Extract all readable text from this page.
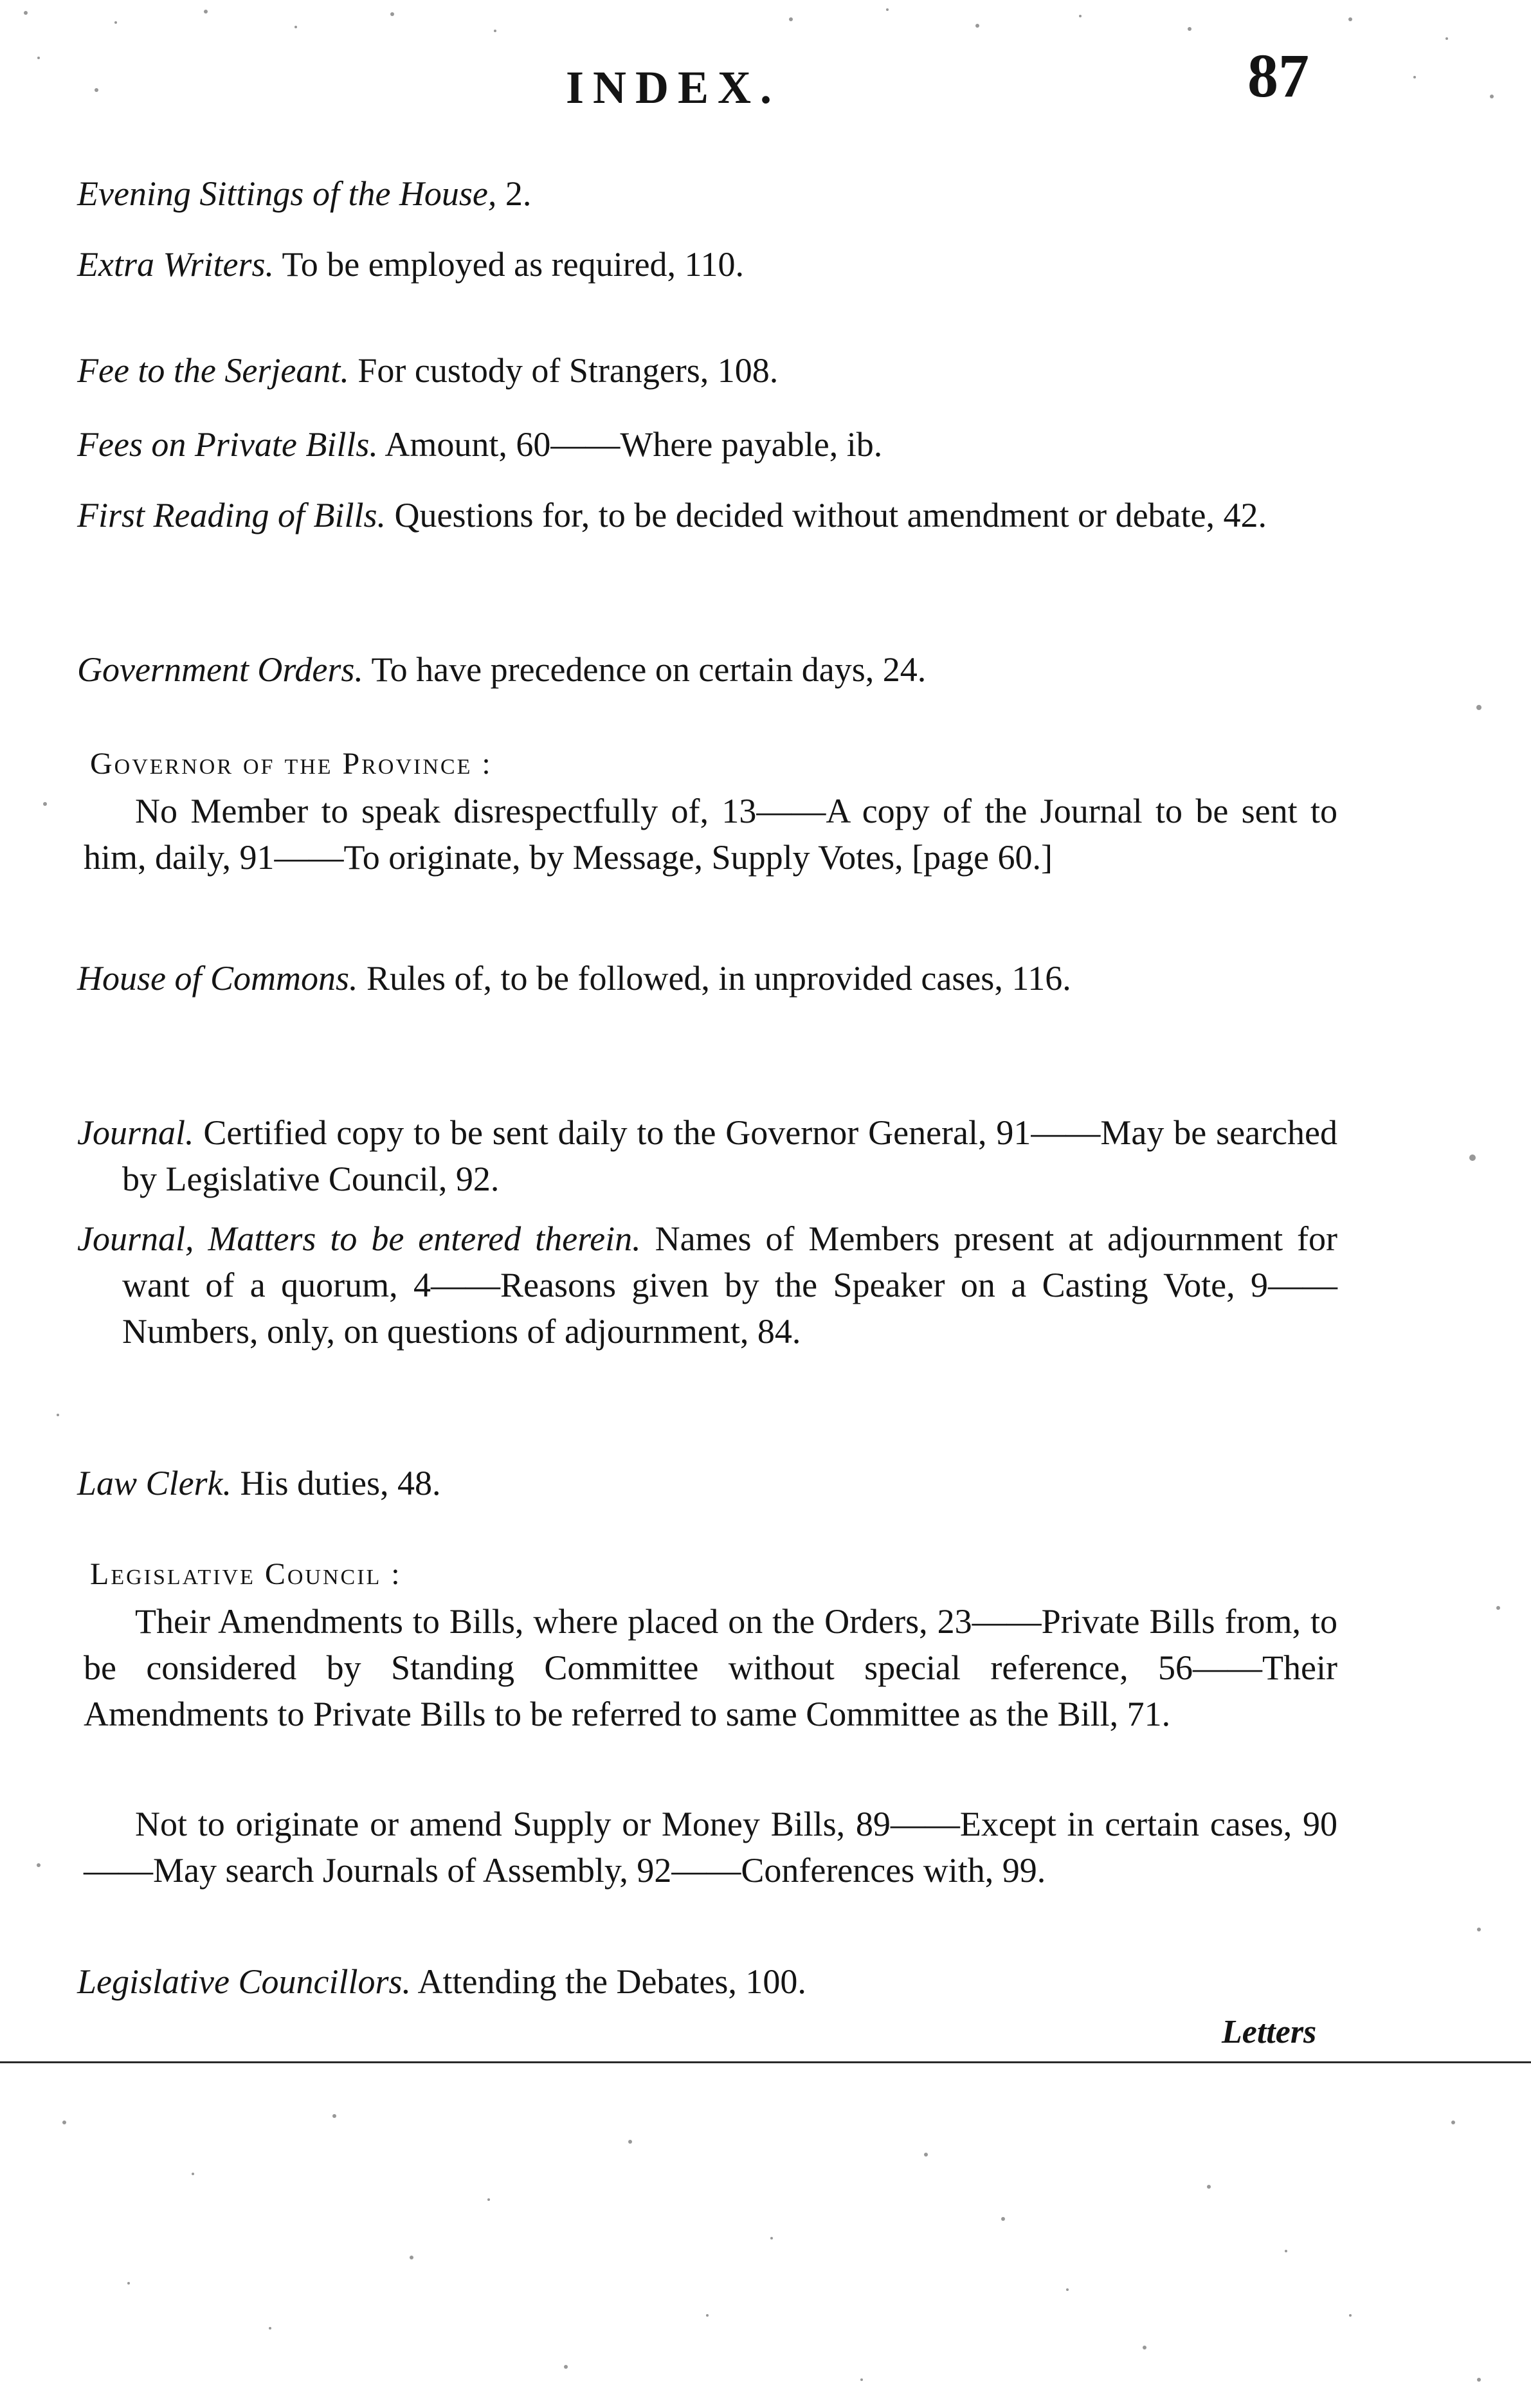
INDEX.	87
Evening Sittings of the House, 2.
Extra Writers. To be employed as required, 110.
Fee to the Serjeant. For custody of Strangers, 108.
Fees on Private Bills. Amount, 60——Where payable, ib.
First Reading of Bills. Questions for, to be decided without amendment or debate, 42.
Government Orders. To have precedence on certain days, 24.
Governor of the Province :
No Member to speak disrespectfully of, 13——A copy of the Journal to be sent to him, daily, 91——To originate, by Message, Supply Votes, [page 60.]
House of Commons. Rules of, to be followed, in unprovided cases, 116.
Journal. Certified copy to be sent daily to the Governor General, 91——May be searched by Legislative Council, 92.
Journal, Matters to be entered therein. Names of Members present at adjournment for want of a quorum, 4——Reasons given by the Speaker on a Casting Vote, 9——Numbers, only, on questions of adjournment, 84.
Law Clerk. His duties, 48.
Legislative Council :
Their Amendments to Bills, where placed on the Orders, 23——Private Bills from, to be considered by Standing Committee without special reference, 56——Their Amendments to Private Bills to be referred to same Committee as the Bill, 71.
Not to originate or amend Supply or Money Bills, 89——Except in certain cases, 90——May search Journals of Assembly, 92——Conferences with, 99.
Legislative Councillors. Attending the Debates, 100.
Letters
